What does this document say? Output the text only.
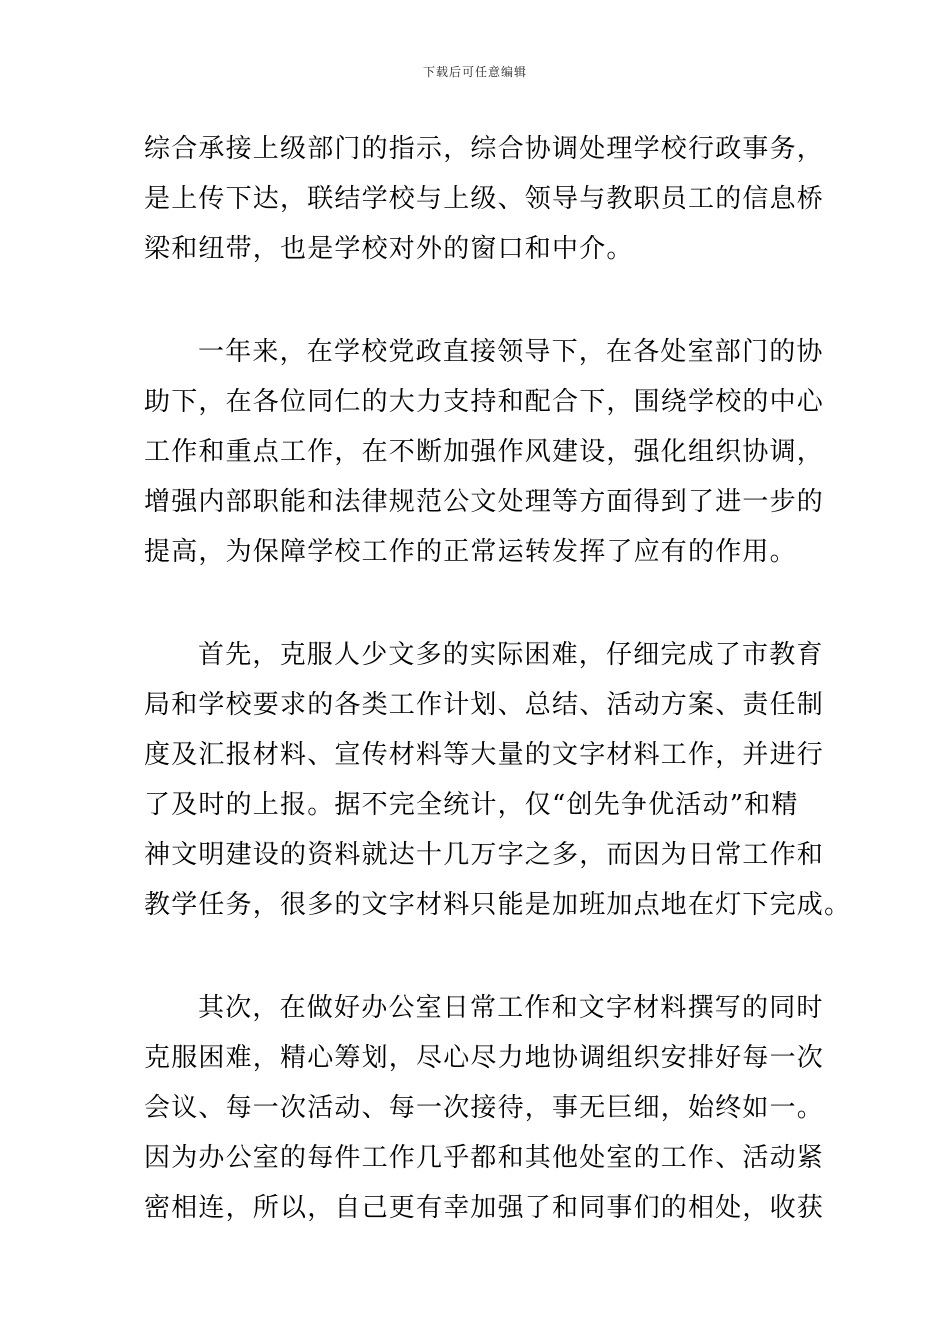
下载后可任意编辑
综合承接上级部门的指示，综合协调处理学校行政事务，
是上传下达，联结学校与上级、领导与教职员工的信息桥
梁和纽带，也是学校对外的窗口和中介。
一年来，在学校党政直接领导下，在各处室部门的协
助下，在各位同仁的大力支持和配合下，围绕学校的中心
工作和重点工作，在不断加强作风建设，强化组织协调，
增强内部职能和法律规范公文处理等方面得到了进一步的
提高，为保障学校工作的正常运转发挥了应有的作用。
首先，克服人少文多的实际困难，仔细完成了市教育
局和学校要求的各类工作计划、总结、活动方案、责任制
度及汇报材料、宣传材料等大量的文字材料工作，并进行
了及时的上报。据不完全统计，仅“创先争优活动”和精
神文明建设的资料就达十几万字之多，而因为日常工作和
教学任务，很多的文字材料只能是加班加点地在灯下完成。
其次，在做好办公室日常工作和文字材料撰写的同时
克服困难，精心筹划，尽心尽力地协调组织安排好每一次
会议、每一次活动、每一次接待，事无巨细，始终如一。
因为办公室的每件工作几乎都和其他处室的工作、活动紧
密相连，所以，自己更有幸加强了和同事们的相处，收获
